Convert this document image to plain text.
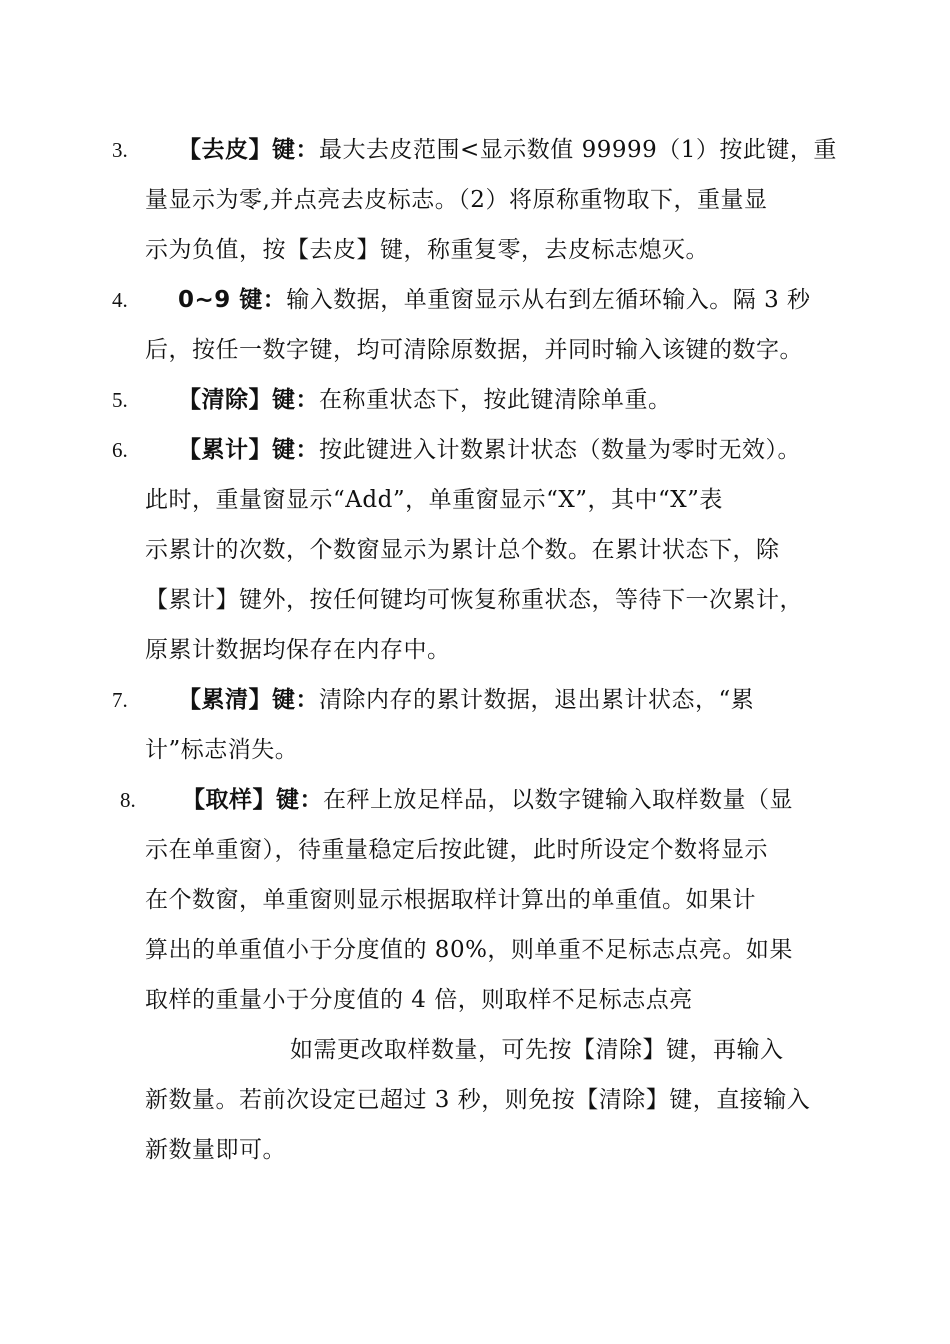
3. 【去皮】键：最大去皮范围<显示数值 99999（1）按此键，重
量显示为零,并点亮去皮标志。（2）将原称重物取下，重量显
示为负值，按【去皮】键，称重复零，去皮标志熄灭。
4. 0~9 键：输入数据，单重窗显示从右到左循环输入。隔 3 秒
后，按任一数字键，均可清除原数据，并同时输入该键的数字。
5. 【清除】键：在称重状态下，按此键清除单重。
6. 【累计】键：按此键进入计数累计状态（数量为零时无效）。
此时，重量窗显示“Add”，单重窗显示“X”，其中“X”表
示累计的次数，个数窗显示为累计总个数。在累计状态下，除
【累计】键外，按任何键均可恢复称重状态，等待下一次累计，
原累计数据均保存在内存中。
7. 【累清】键：清除内存的累计数据，退出累计状态，“累
计”标志消失。
8. 【取样】键：在秤上放足样品，以数字键输入取样数量（显
示在单重窗），待重量稳定后按此键，此时所设定个数将显示
在个数窗，单重窗则显示根据取样计算出的单重值。如果计
算出的单重值小于分度值的 80%，则单重不足标志点亮。如果
取样的重量小于分度值的 4 倍，则取样不足标志点亮
如需更改取样数量，可先按【清除】键，再输入
新数量。若前次设定已超过 3 秒，则免按【清除】键，直接输入
新数量即可。
